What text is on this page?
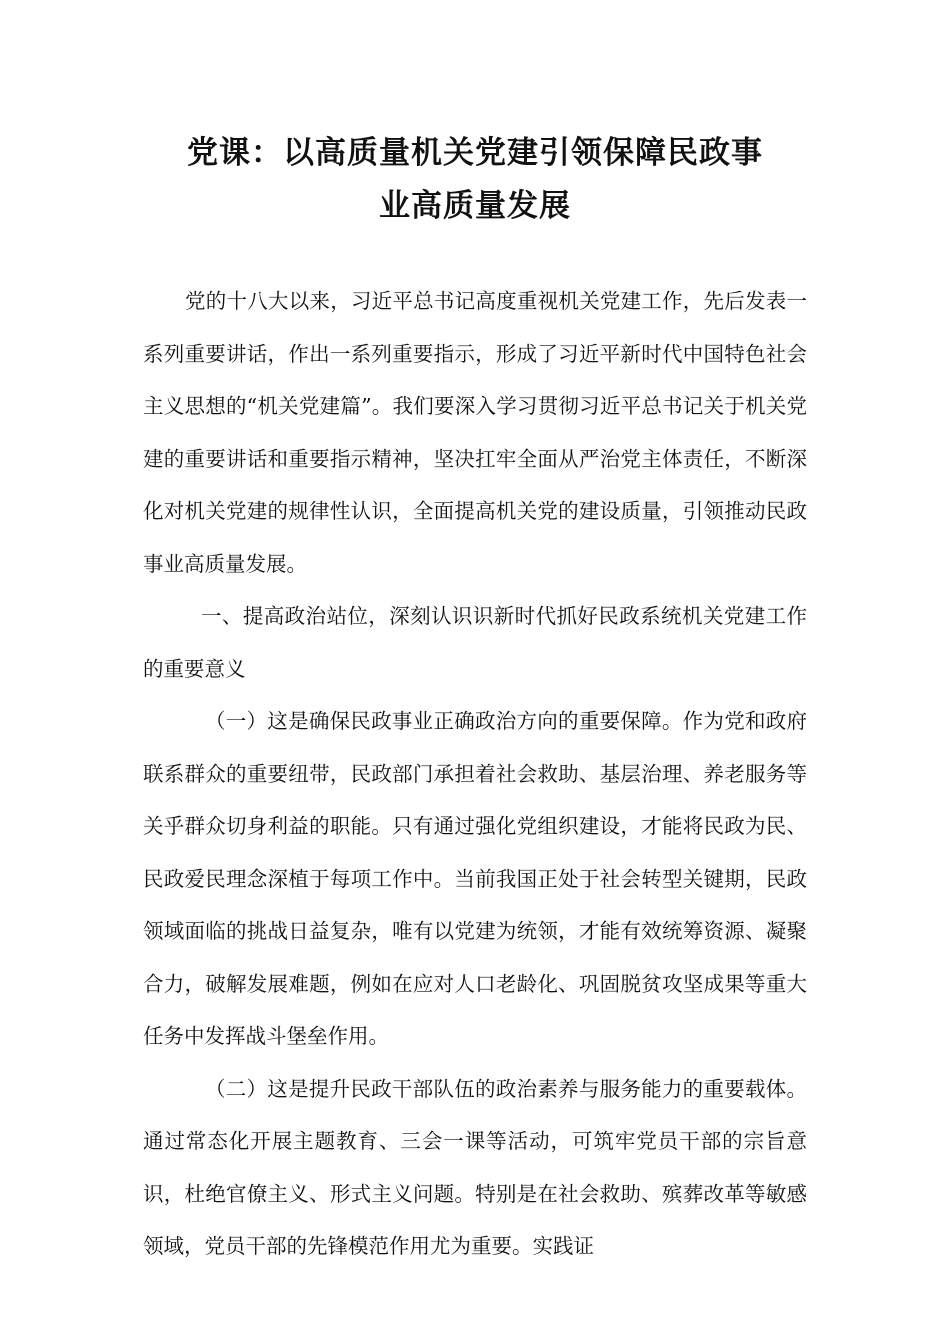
党课：以高质量机关党建引领保障民政事
业高质量发展

党的十八大以来，习近平总书记高度重视机关党建工作，先后发表一系列重要讲话，作出一系列重要指示，形成了习近平新时代中国特色社会主义思想的“机关党建篇”。我们要深入学习贯彻习近平总书记关于机关党建的重要讲话和重要指示精神，坚决扛牢全面从严治党主体责任，不断深化对机关党建的规律性认识，全面提高机关党的建设质量，引领推动民政事业高质量发展。

一、提高政治站位，深刻认识识新时代抓好民政系统机关党建工作的重要意义

（一）这是确保民政事业正确政治方向的重要保障。作为党和政府联系群众的重要纽带，民政部门承担着社会救助、基层治理、养老服务等关乎群众切身利益的职能。只有通过强化党组织建设，才能将民政为民、民政爱民理念深植于每项工作中。当前我国正处于社会转型关键期，民政领域面临的挑战日益复杂，唯有以党建为统领，才能有效统筹资源、凝聚合力，破解发展难题，例如在应对人口老龄化、巩固脱贫攻坚成果等重大任务中发挥战斗堡垒作用。

（二）这是提升民政干部队伍的政治素养与服务能力的重要载体。通过常态化开展主题教育、三会一课等活动，可筑牢党员干部的宗旨意识，杜绝官僚主义、形式主义问题。特别是在社会救助、殡葬改革等敏感领域，党员干部的先锋模范作用尤为重要。实践证
